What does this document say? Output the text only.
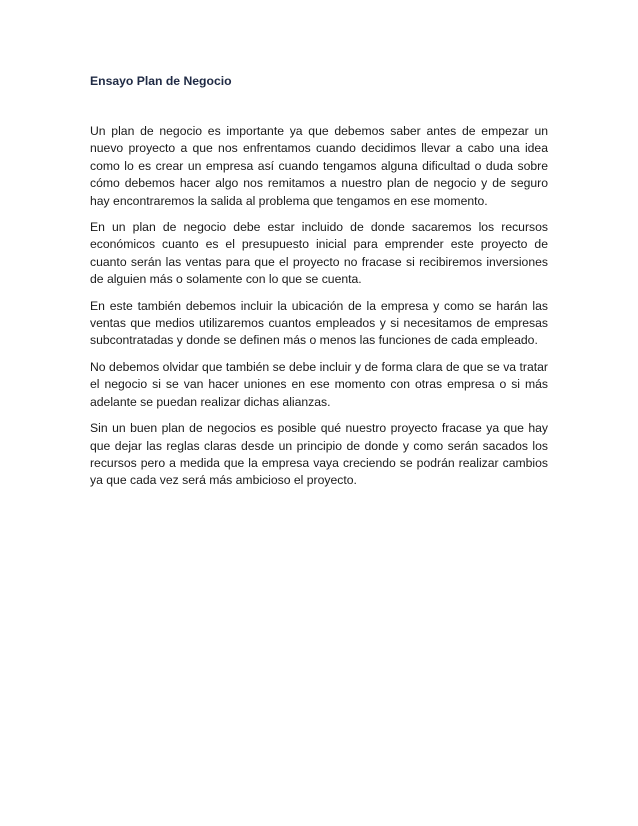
Ensayo Plan de Negocio

Un plan de negocio es importante ya que debemos saber antes de empezar un nuevo proyecto a que nos enfrentamos cuando decidimos llevar a cabo una idea como lo es crear un empresa así cuando tengamos alguna dificultad o duda sobre cómo debemos hacer algo nos remitamos a nuestro plan de negocio y de seguro hay encontraremos la salida al problema que tengamos en ese momento.

En un plan de negocio debe estar incluido de donde sacaremos los recursos económicos cuanto es el presupuesto inicial para emprender este proyecto de cuanto serán las ventas para que el proyecto no fracase si recibiremos inversiones de alguien más o solamente con lo que se cuenta.

En este también debemos incluir la ubicación de la empresa y como se harán las ventas que medios utilizaremos cuantos empleados y si necesitamos de empresas subcontratadas y donde se definen más o menos las funciones de cada empleado.

No debemos olvidar que también se debe incluir y de forma clara de que se va tratar el negocio si se van hacer uniones en ese momento con otras empresa o si más adelante se puedan realizar dichas alianzas.

Sin un buen plan de negocios es posible qué nuestro proyecto fracase ya que hay que dejar las reglas claras desde un principio de donde y como serán sacados los recursos pero a medida que la empresa vaya creciendo se podrán realizar cambios ya que cada vez será más ambicioso el proyecto.
